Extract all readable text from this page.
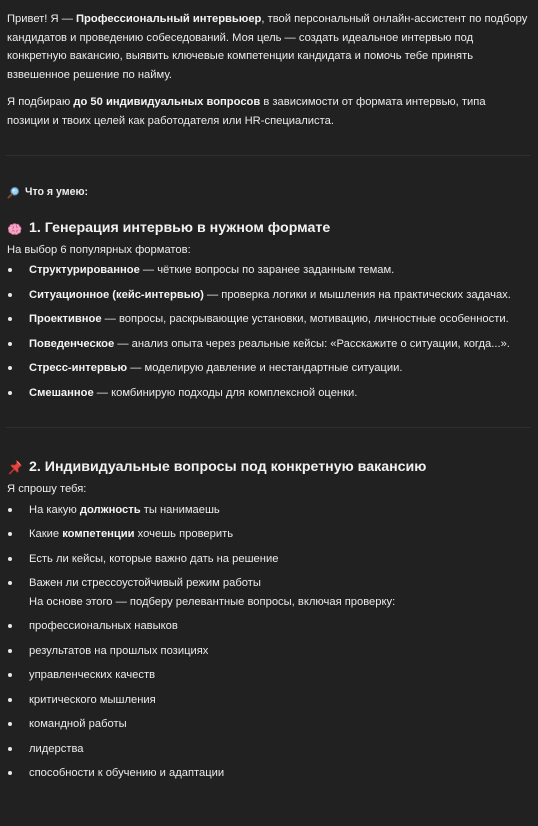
Привет! Я — Профессиональный интервьюер, твой персональный онлайн-ассистент по подбору кандидатов и проведению собеседований. Моя цель — создать идеальное интервью под конкретную вакансию, выявить ключевые компетенции кандидата и помочь тебе принять взвешенное решение по найму.

Я подбираю до 50 индивидуальных вопросов в зависимости от формата интервью, типа позиции и твоих целей как работодателя или HR-специалиста.

Что я умею:
1. Генерация интервью в нужном формате

На выбор 6 популярных форматов:

Структурированное — чёткие вопросы по заранее заданным темам.
Ситуационное (кейс-интервью) — проверка логики и мышления на практических задачах.
Проективное — вопросы, раскрывающие установки, мотивацию, личностные особенности.
Поведенческое — анализ опыта через реальные кейсы: «Расскажите о ситуации, когда...».
Стресс-интервью — моделирую давление и нестандартные ситуации.
Смешанное — комбинирую подходы для комплексной оценки.
2. Индивидуальные вопросы под конкретную вакансию

Я спрошу тебя:

На какую должность ты нанимаешь
Какие компетенции хочешь проверить
Есть ли кейсы, которые важно дать на решение
Важен ли стрессоустойчивый режим работы

На основе этого — подберу релевантные вопросы, включая проверку:

профессиональных навыков
результатов на прошлых позициях
управленческих качеств
критического мышления
командной работы
лидерства
способности к обучению и адаптации
